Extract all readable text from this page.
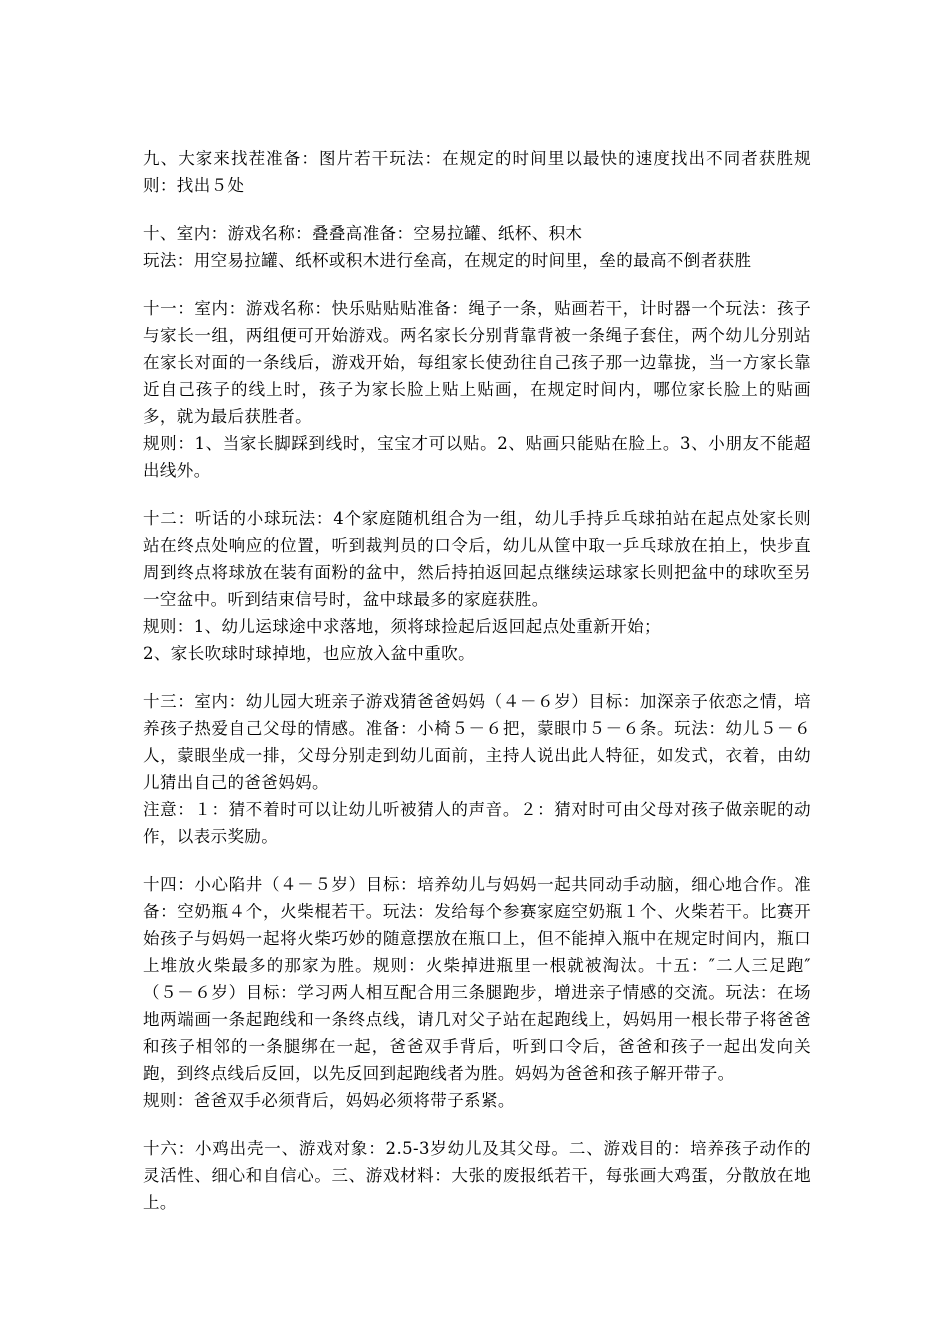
九、大家来找茬准备：图片若干玩法：在规定的时间里以最快的速度找出不同者获胜规则：找出５处

十、室内：游戏名称：叠叠高准备：空易拉罐、纸杯、积木

玩法：用空易拉罐、纸杯或积木进行垒高，在规定的时间里，垒的最高不倒者获胜

十一：室内：游戏名称：快乐贴贴贴准备：绳子一条，贴画若干，计时器一个玩法：孩子与家长一组，两组便可开始游戏。两名家长分别背靠背被一条绳子套住，两个幼儿分别站在家长对面的一条线后，游戏开始，每组家长使劲往自己孩子那一边靠拢，当一方家长靠近自己孩子的线上时，孩子为家长脸上贴上贴画，在规定时间内，哪位家长脸上的贴画多，就为最后获胜者。

规则：1、当家长脚踩到线时，宝宝才可以贴。2、贴画只能贴在脸上。3、小朋友不能超出线外。

十二：听话的小球玩法：4个家庭随机组合为一组，幼儿手持乒乓球拍站在起点处家长则站在终点处响应的位置，听到裁判员的口令后，幼儿从筐中取一乒乓球放在拍上，快步直周到终点将球放在装有面粉的盆中，然后持拍返回起点继续运球家长则把盆中的球吹至另一空盆中。听到结束信号时，盆中球最多的家庭获胜。

规则：1、幼儿运球途中求落地，须将球捡起后返回起点处重新开始；

2、家长吹球时球掉地，也应放入盆中重吹。

十三：室内：幼儿园大班亲子游戏猜爸爸妈妈（４－６岁）目标：加深亲子依恋之情，培养孩子热爱自己父母的情感。准备：小椅５－６把，蒙眼巾５－６条。玩法：幼儿５－６人，蒙眼坐成一排，父母分别走到幼儿面前，主持人说出此人特征，如发式，衣着，由幼儿猜出自己的爸爸妈妈。

注意：１：猜不着时可以让幼儿听被猜人的声音。２：猜对时可由父母对孩子做亲昵的动作，以表示奖励。

十四：小心陷井（４－５岁）目标：培养幼儿与妈妈一起共同动手动脑，细心地合作。准备：空奶瓶４个，火柴棍若干。玩法：发给每个参赛家庭空奶瓶１个、火柴若干。比赛开始孩子与妈妈一起将火柴巧妙的随意摆放在瓶口上，但不能掉入瓶中在规定时间内，瓶口上堆放火柴最多的那家为胜。规则：火柴掉进瓶里一根就被淘汰。十五：″二人三足跑″（５－６岁）目标：学习两人相互配合用三条腿跑步，增进亲子情感的交流。玩法：在场地两端画一条起跑线和一条终点线，请几对父子站在起跑线上，妈妈用一根长带子将爸爸和孩子相邻的一条腿绑在一起，爸爸双手背后，听到口令后，爸爸和孩子一起出发向关跑，到终点线后反回，以先反回到起跑线者为胜。妈妈为爸爸和孩子解开带子。

规则：爸爸双手必须背后，妈妈必须将带子系紧。

十六：小鸡出壳一、游戏对象：2.5-3岁幼儿及其父母。二、游戏目的：培养孩子动作的灵活性、细心和自信心。三、游戏材料：大张的废报纸若干，每张画大鸡蛋，分散放在地上。
